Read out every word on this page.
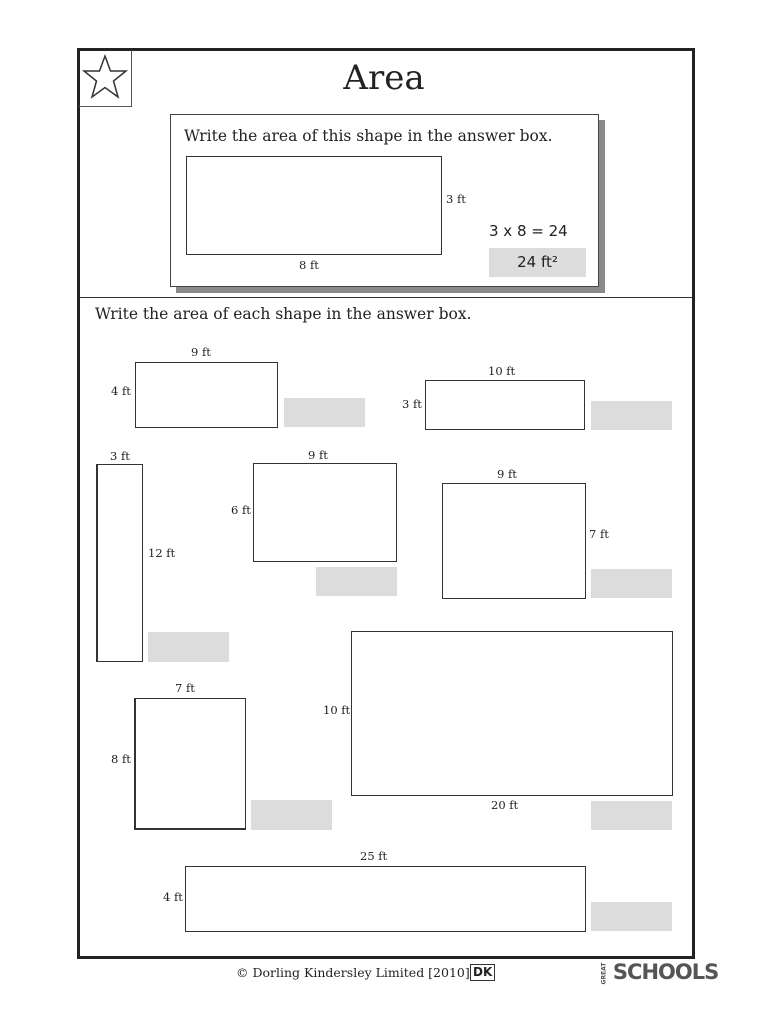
Area
Write the area of this shape in the answer box.
3 ft
8 ft
3 x 8 = 24
24 ft²
Write the area of each shape in the answer box.
9 ft
4 ft
10 ft
3 ft
3 ft
12 ft
9 ft
6 ft
9 ft
7 ft
7 ft
8 ft
10 ft
20 ft
25 ft
4 ft
© Dorling Kindersley Limited [2010] DK	GREAT SCHOOLS
